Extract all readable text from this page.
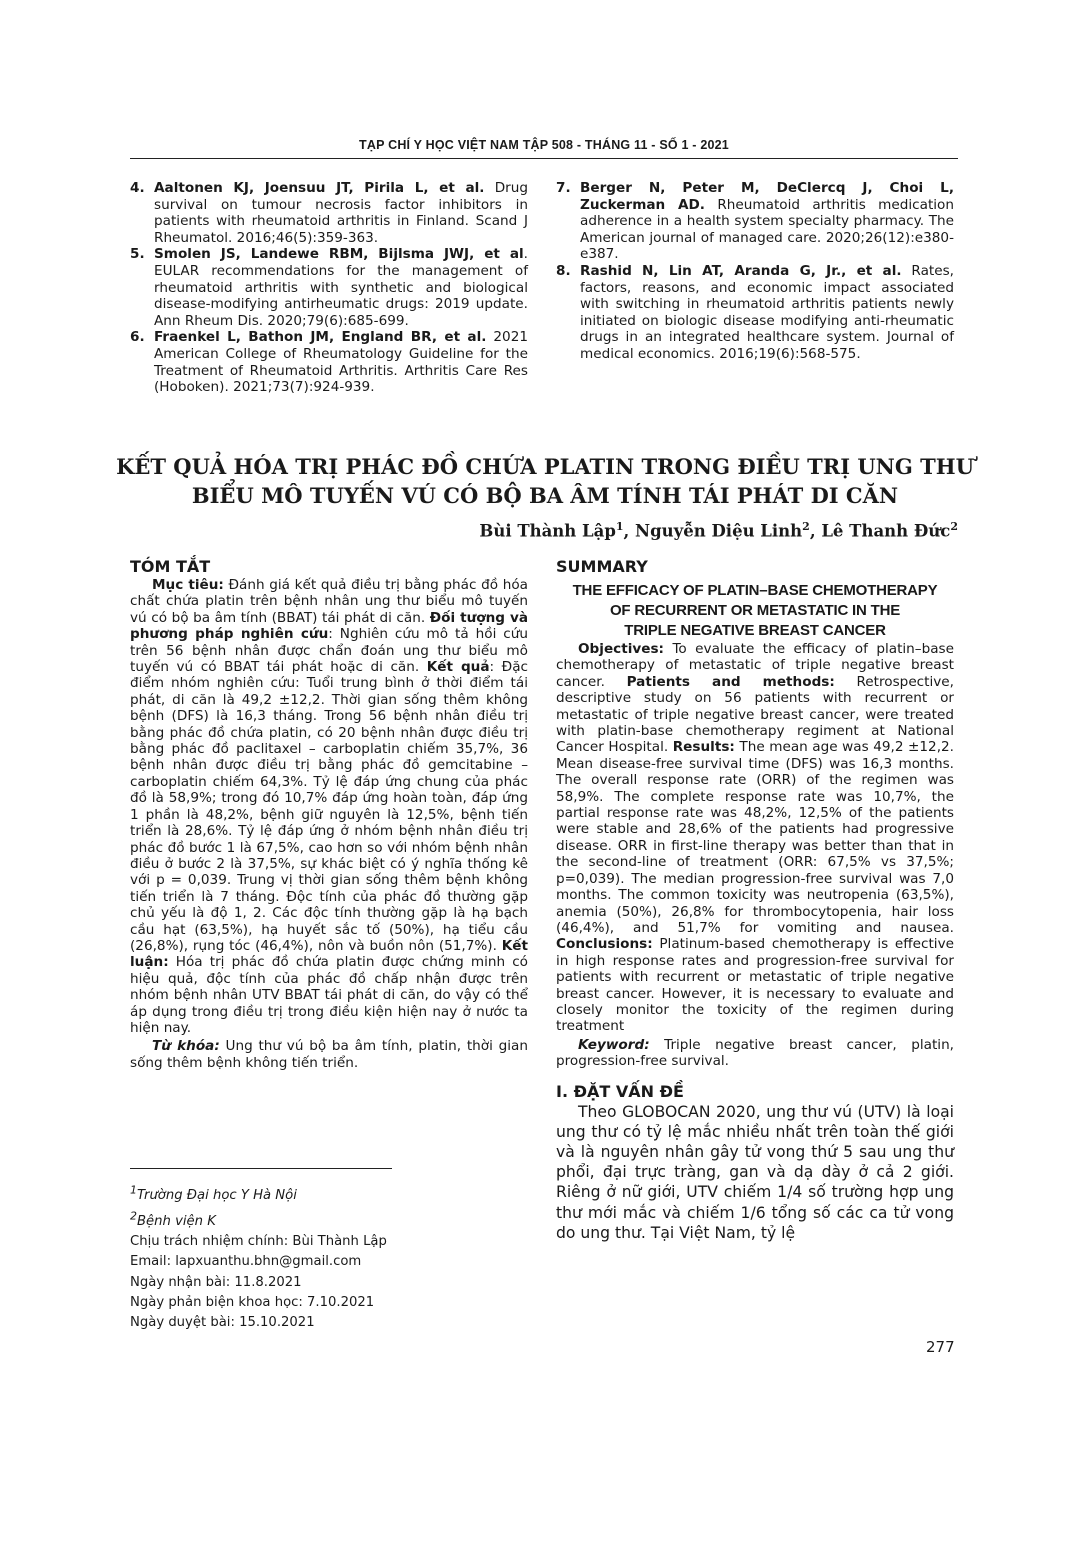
TẠP CHÍ Y HỌC VIỆT NAM TẬP 508 - THÁNG 11 - SỐ 1 - 2021

4. Aaltonen KJ, Joensuu JT, Pirila L, et al. Drug survival on tumour necrosis factor inhibitors in patients with rheumatoid arthritis in Finland. Scand J Rheumatol. 2016;46(5):359-363.

5. Smolen JS, Landewe RBM, Bijlsma JWJ, et al. EULAR recommendations for the management of rheumatoid arthritis with synthetic and biological disease-modifying antirheumatic drugs: 2019 update. Ann Rheum Dis. 2020;79(6):685-699.

6. Fraenkel L, Bathon JM, England BR, et al. 2021 American College of Rheumatology Guideline for the Treatment of Rheumatoid Arthritis. Arthritis Care Res (Hoboken). 2021;73(7):924-939.

7. Berger N, Peter M, DeClercq J, Choi L, Zuckerman AD. Rheumatoid arthritis medication adherence in a health system specialty pharmacy. The American journal of managed care. 2020;26(12):e380-e387.

8. Rashid N, Lin AT, Aranda G, Jr., et al. Rates, factors, reasons, and economic impact associated with switching in rheumatoid arthritis patients newly initiated on biologic disease modifying anti-rheumatic drugs in an integrated healthcare system. Journal of medical economics. 2016;19(6):568-575.

KẾT QUẢ HÓA TRỊ PHÁC ĐỒ CHỨA PLATIN TRONG ĐIỀU TRỊ UNG THƯ
BIỂU MÔ TUYẾN VÚ CÓ BỘ BA ÂM TÍNH TÁI PHÁT DI CĂN
Bùi Thành Lập$^1$, Nguyễn Diệu Linh$^2$, Lê Thanh Đức$^2$
TÓM TẮT

Mục tiêu: Đánh giá kết quả điều trị bằng phác đồ hóa chất chứa platin trên bệnh nhân ung thư biểu mô tuyến vú có bộ ba âm tính (BBAT) tái phát di căn. Đối tượng và phương pháp nghiên cứu: Nghiên cứu mô tả hồi cứu trên 56 bệnh nhân được chẩn đoán ung thư biểu mô tuyến vú có BBAT tái phát hoặc di căn. Kết quả: Đặc điểm nhóm nghiên cứu: Tuổi trung bình ở thời điểm tái phát, di căn là 49,2 ±12,2. Thời gian sống thêm không bệnh (DFS) là 16,3 tháng. Trong 56 bệnh nhân điều trị bằng phác đồ chứa platin, có 20 bệnh nhân được điều trị bằng phác đồ paclitaxel – carboplatin chiếm 35,7%, 36 bệnh nhân được điều trị bằng phác đồ gemcitabine – carboplatin chiếm 64,3%. Tỷ lệ đáp ứng chung của phác đồ là 58,9%; trong đó 10,7% đáp ứng hoàn toàn, đáp ứng 1 phần là 48,2%, bệnh giữ nguyên là 12,5%, bệnh tiến triển là 28,6%. Tỷ lệ đáp ứng ở nhóm bệnh nhân điều trị phác đồ bước 1 là 67,5%, cao hơn so với nhóm bệnh nhân điều ở bước 2 là 37,5%, sự khác biệt có ý nghĩa thống kê với p = 0,039. Trung vị thời gian sống thêm bệnh không tiến triển là 7 tháng. Độc tính của phác đồ thường gặp chủ yếu là độ 1, 2. Các độc tính thường gặp là hạ bạch cầu hạt (63,5%), hạ huyết sắc tố (50%), hạ tiểu cầu (26,8%), rụng tóc (46,4%), nôn và buồn nôn (51,7%). Kết luận: Hóa trị phác đồ chứa platin được chứng minh có hiệu quả, độc tính của phác đồ chấp nhận được trên nhóm bệnh nhân UTV BBAT tái phát di căn, do vậy có thể áp dụng trong điều trị trong điều kiện hiện nay ở nước ta hiện nay.

Từ khóa: Ung thư vú bộ ba âm tính, platin, thời gian sống thêm bệnh không tiến triển.

SUMMARY
THE EFFICACY OF PLATIN–BASE CHEMOTHERAPY
OF RECURRENT OR METASTATIC IN THE
TRIPLE NEGATIVE BREAST CANCER

Objectives: To evaluate the efficacy of platin–base chemotherapy of metastatic of triple negative breast cancer. Patients and methods: Retrospective, descriptive study on 56 patients with recurrent or metastatic of triple negative breast cancer, were treated with platin-base chemotherapy regiment at National Cancer Hospital. Results: The mean age was 49,2 ±12,2. Mean disease-free survival time (DFS) was 16,3 months. The overall response rate (ORR) of the regimen was 58,9%. The complete response rate was 10,7%, the partial response rate was 48,2%, 12,5% of the patients were stable and 28,6% of the patients had progressive disease. ORR in first-line therapy was better than that in the second-line of treatment (ORR: 67,5% vs 37,5%; p=0,039). The median progression-free survival was 7,0 months. The common toxicity was neutropenia (63,5%), anemia (50%), 26,8% for thrombocytopenia, hair loss (46,4%), and 51,7% for vomiting and nausea. Conclusions: Platinum-based chemotherapy is effective in high response rates and progression-free survival for patients with recurrent or metastatic of triple negative breast cancer. However, it is necessary to evaluate and closely monitor the toxicity of the regimen during treatment

Keyword: Triple negative breast cancer, platin, progression-free survival.

I. ĐẶT VẤN ĐỀ

Theo GLOBOCAN 2020, ung thư vú (UTV) là loại ung thư có tỷ lệ mắc nhiều nhất trên toàn thế giới và là nguyên nhân gây tử vong thứ 5 sau ung thư phổi, đại trực tràng, gan và dạ dày ở cả 2 giới. Riêng ở nữ giới, UTV chiếm 1/4 số trường hợp ung thư mới mắc và chiếm 1/6 tổng số các ca tử vong do ung thư. Tại Việt Nam, tỷ lệ

$^1$Trường Đại học Y Hà Nội
$^2$Bệnh viện K
Chịu trách nhiệm chính: Bùi Thành Lập
Email: lapxuanthu.bhn@gmail.com
Ngày nhận bài: 11.8.2021
Ngày phản biện khoa học: 7.10.2021
Ngày duyệt bài: 15.10.2021
277
